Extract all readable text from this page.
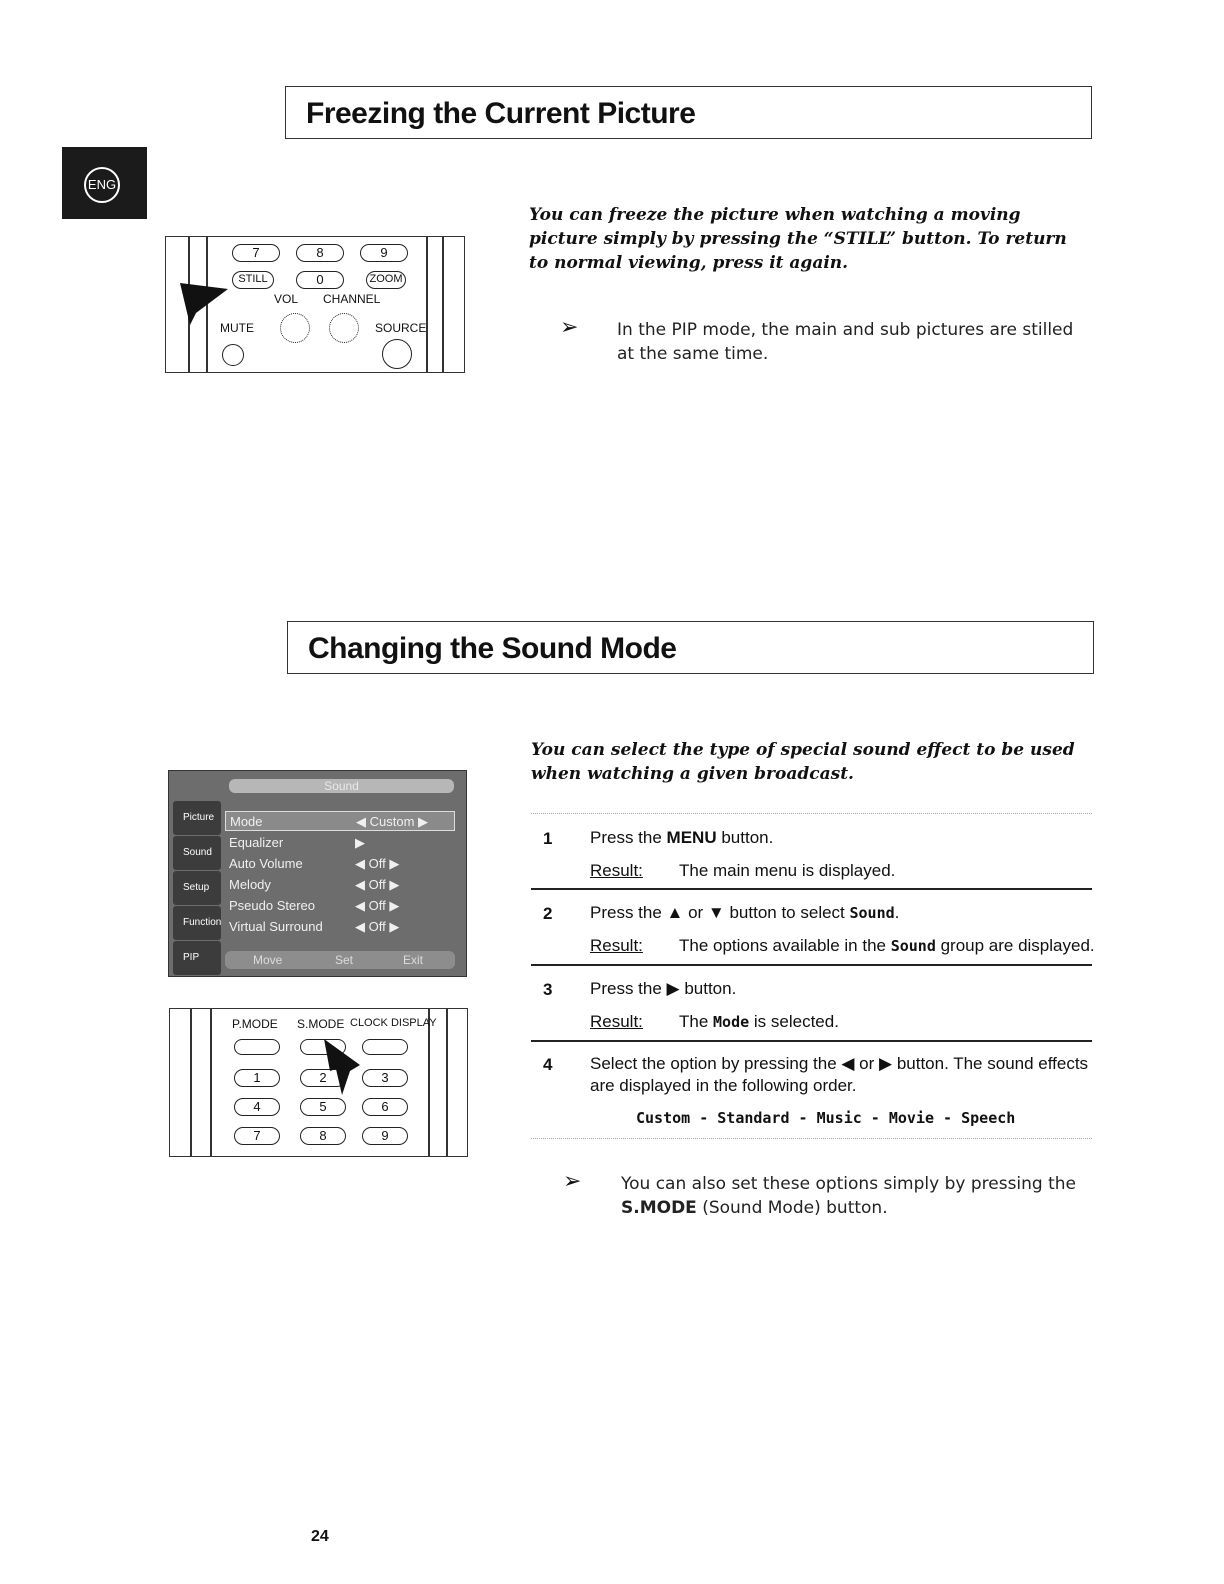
ENG
Freezing the Current Picture
7	8	9
STILL	0	ZOOM
VOL CHANNEL
MUTE	SOURCE
You can freeze the picture when watching a moving picture simply by pressing the “STILL” button. To return to normal viewing, press it again.
➢ In the PIP mode, the main and sub pictures are stilled at the same time.
Changing the Sound Mode
Sound
Picture
Sound
Setup
Function
PIP
Mode	◀ Custom ▶
Equalizer	▶
Auto Volume	◀ Off ▶
Melody	◀ Off ▶
Pseudo Stereo	◀ Off ▶
Virtual Surround ◀ Off ▶
Move	Set	Exit
P.MODE S.MODE CLOCK DISPLAY
1	2	3
4	5	6
7	8	9
You can select the type of special sound effect to be used when watching a given broadcast.
1 Press the MENU button.
Result: The main menu is displayed.
2 Press the ▲ or ▼ button to select Sound.
Result: The options available in the Sound group are displayed.
3 Press the ▶ button.
Result: The Mode is selected.
4 Select the option by pressing the ◀ or ▶ button. The sound effects are displayed in the following order.
Custom - Standard - Music - Movie - Speech
➢ You can also set these options simply by pressing the
S.MODE (Sound Mode) button.
24
